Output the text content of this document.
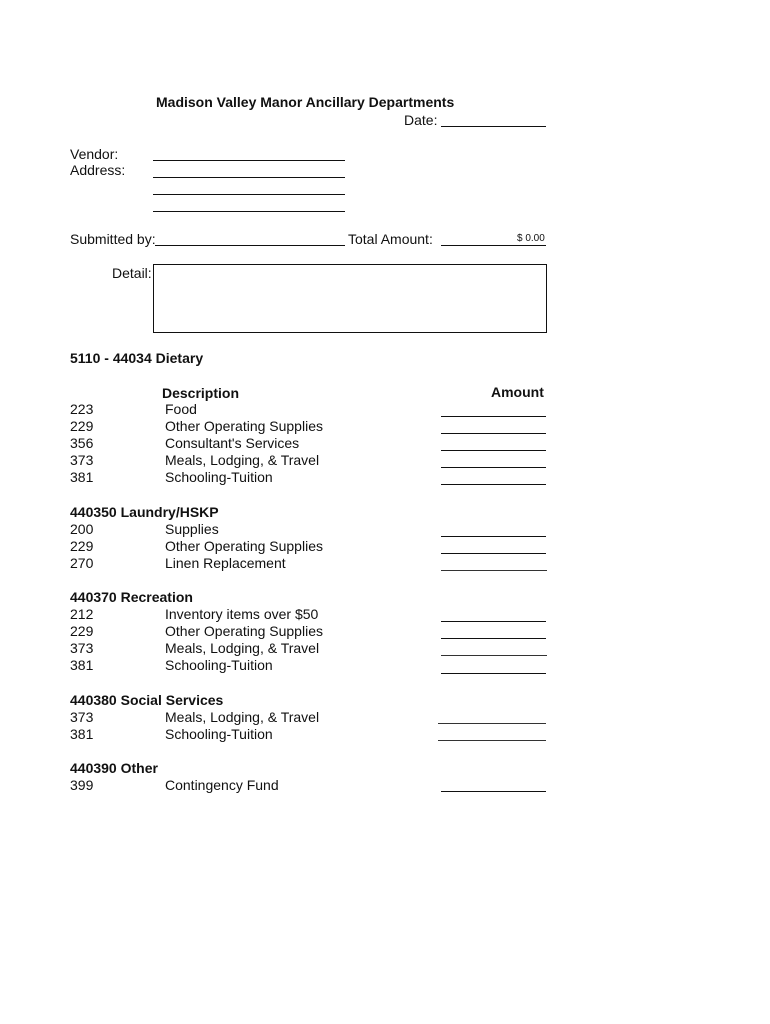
Madison Valley Manor Ancillary Departments
Date:
Vendor:
Address:
Submitted by:	Total Amount:	$ 0.00
Detail:
5110 - 44034 Dietary
Description	Amount
223	Food
229	Other Operating Supplies
356	Consultant's Services
373	Meals, Lodging, & Travel
381	Schooling-Tuition
440350 Laundry/HSKP
200	Supplies
229	Other Operating Supplies
270	Linen Replacement
440370 Recreation
212	Inventory items over $50
229	Other Operating Supplies
373	Meals, Lodging, & Travel
381	Schooling-Tuition
440380 Social Services
373	Meals, Lodging, & Travel
381	Schooling-Tuition
440390 Other
399	Contingency Fund
